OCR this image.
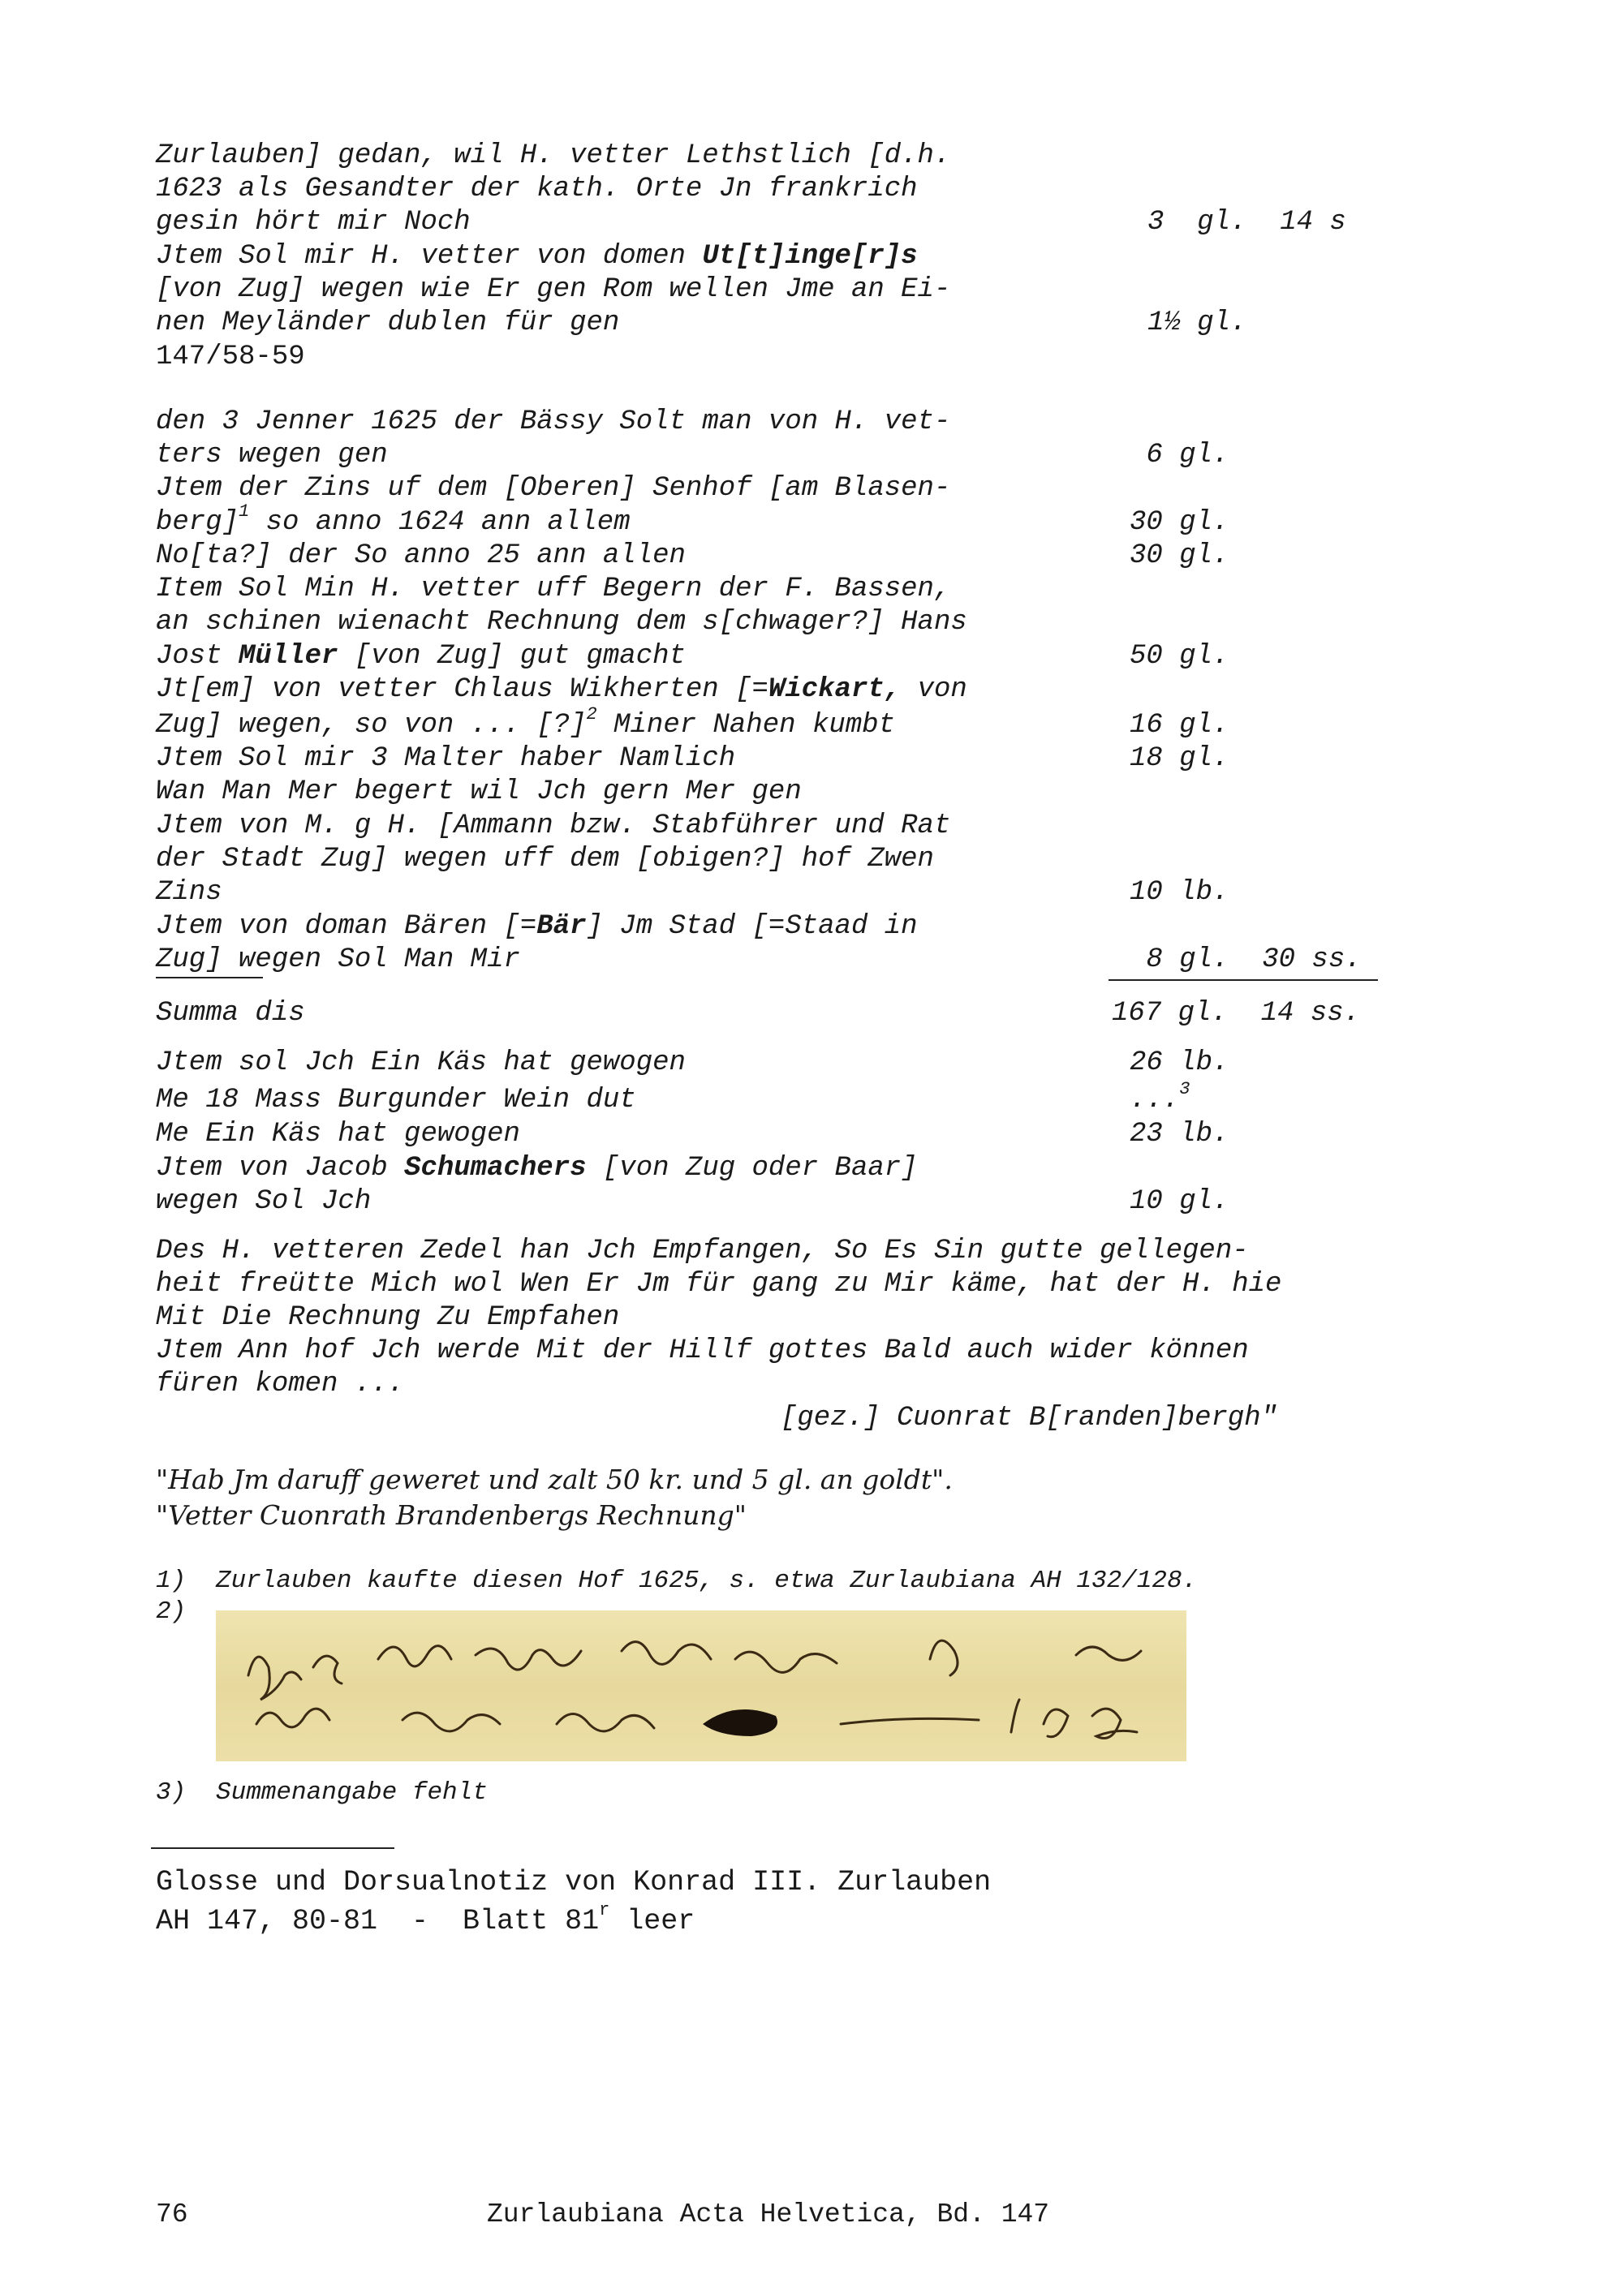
Zurlauben] gedan, wil H. vetter Lethstlich [d.h.
1623 als Gesandter der kath. Orte Jn frankrich
gesin hört mir Noch	3  gl.  14 s
Jtem Sol mir H. vetter von domen Ut[t]inge[r]s
[von Zug] wegen wie Er gen Rom wellen Jme an Ei-
nen Meyländer dublen für gen	1½ gl.
147/58-59
den 3 Jenner 1625 der Bässy Solt man von H. vet-
ters wegen gen	6 gl.
Jtem der Zins uf dem [Oberen] Senhof [am Blasen-
berg]$^1$ so anno 1624 ann allem	30 gl.
No[ta?] der So anno 25 ann allen	30 gl.
Item Sol Min H. vetter uff Begern der F. Bassen,
an schinen wienacht Rechnung dem s[chwager?] Hans
Jost Müller [von Zug] gut gmacht	50 gl.
Jt[em] von vetter Chlaus Wikherten [=Wickart, von
Zug] wegen, so von ... [?]$^2$ Miner Nahen kumbt	16 gl.
Jtem Sol mir 3 Malter haber Namlich	18 gl.
Wan Man Mer begert wil Jch gern Mer gen
Jtem von M. g H. [Ammann bzw. Stabführer und Rat
der Stadt Zug] wegen uff dem [obigen?] hof Zwen
Zins	10 lb.
Jtem von doman Bären [=Bär] Jm Stad [=Staad in
Zug] wegen Sol Man Mir	8 gl.  30 ss.
Summa dis	167 gl.  14 ss.
Jtem sol Jch Ein Käs hat gewogen	26 lb.
Me 18 Mass Burgunder Wein dut	...$^3$
Me Ein Käs hat gewogen	23 lb.
Jtem von Jacob Schumachers [von Zug oder Baar]
wegen Sol Jch	10 gl.
Des H. vetteren Zedel han Jch Empfangen, So Es Sin gutte gellegen-
heit freütte Mich wol Wen Er Jm für gang zu Mir käme, hat der H. hie
Mit Die Rechnung Zu Empfahen
Jtem Ann hof Jch werde Mit der Hillf gottes Bald auch wider können
füren komen ...
[gez.] Cuonrat B[randen]bergh"
"Hab Jm daruff geweret und zalt 50 kr. und 5 gl. an goldt".
"Vetter Cuonrath Brandenbergs Rechnung"
1) Zurlauben kaufte diesen Hof 1625, s. etwa Zurlaubiana AH 132/128.
2)
3) Summenangabe fehlt
Glosse und Dorsualnotiz von Konrad III. Zurlauben
AH 147, 80-81  -  Blatt 81$^r$ leer
76	Zurlaubiana Acta Helvetica, Bd. 147
